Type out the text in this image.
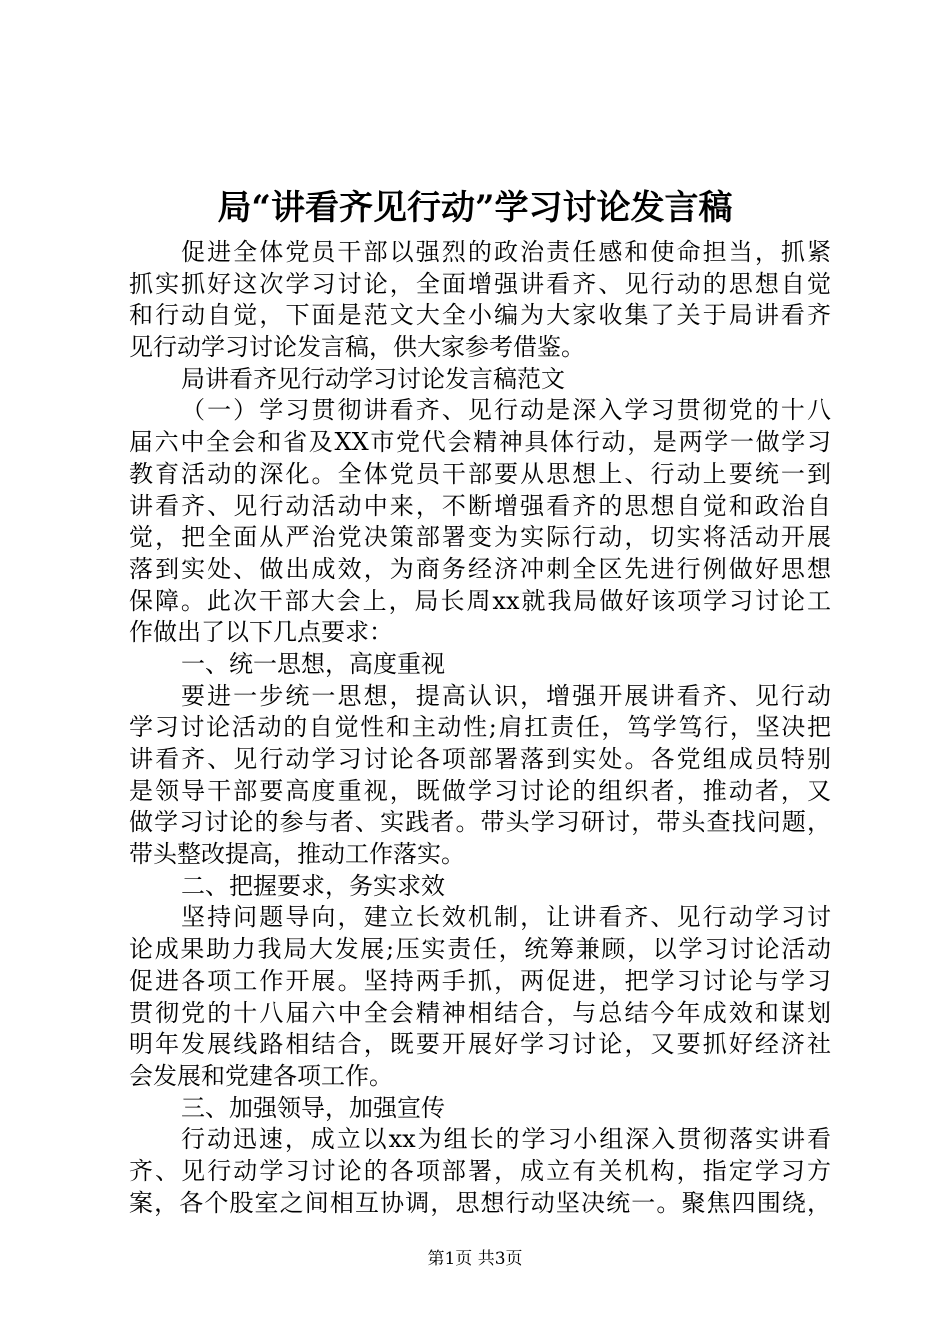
局“讲看齐见行动”学习讨论发言稿
促进全体党员干部以强烈的政治责任感和使命担当，抓紧
抓实抓好这次学习讨论，全面增强讲看齐、见行动的思想自觉
和行动自觉，下面是范文大全小编为大家收集了关于局讲看齐
见行动学习讨论发言稿，供大家参考借鉴。
局讲看齐见行动学习讨论发言稿范文
（一）学习贯彻讲看齐、见行动是深入学习贯彻党的十八
届六中全会和省及XX市党代会精神具体行动，是两学一做学习
教育活动的深化。全体党员干部要从思想上、行动上要统一到
讲看齐、见行动活动中来，不断增强看齐的思想自觉和政治自
觉，把全面从严治党决策部署变为实际行动，切实将活动开展
落到实处、做出成效，为商务经济冲刺全区先进行例做好思想
保障。此次干部大会上，局长周xx就我局做好该项学习讨论工
作做出了以下几点要求：
一、统一思想，高度重视
要进一步统一思想，提高认识，增强开展讲看齐、见行动
学习讨论活动的自觉性和主动性;肩扛责任，笃学笃行，坚决把
讲看齐、见行动学习讨论各项部署落到实处。各党组成员特别
是领导干部要高度重视，既做学习讨论的组织者，推动者，又
做学习讨论的参与者、实践者。带头学习研讨，带头查找问题，
带头整改提高，推动工作落实。
二、把握要求，务实求效
坚持问题导向，建立长效机制，让讲看齐、见行动学习讨
论成果助力我局大发展;压实责任，统筹兼顾，以学习讨论活动
促进各项工作开展。坚持两手抓，两促进，把学习讨论与学习
贯彻党的十八届六中全会精神相结合，与总结今年成效和谋划
明年发展线路相结合，既要开展好学习讨论，又要抓好经济社
会发展和党建各项工作。
三、加强领导，加强宣传
行动迅速，成立以xx为组长的学习小组深入贯彻落实讲看
齐、见行动学习讨论的各项部署，成立有关机构，指定学习方
案，各个股室之间相互协调，思想行动坚决统一。聚焦四围绕，
第1页 共3页
